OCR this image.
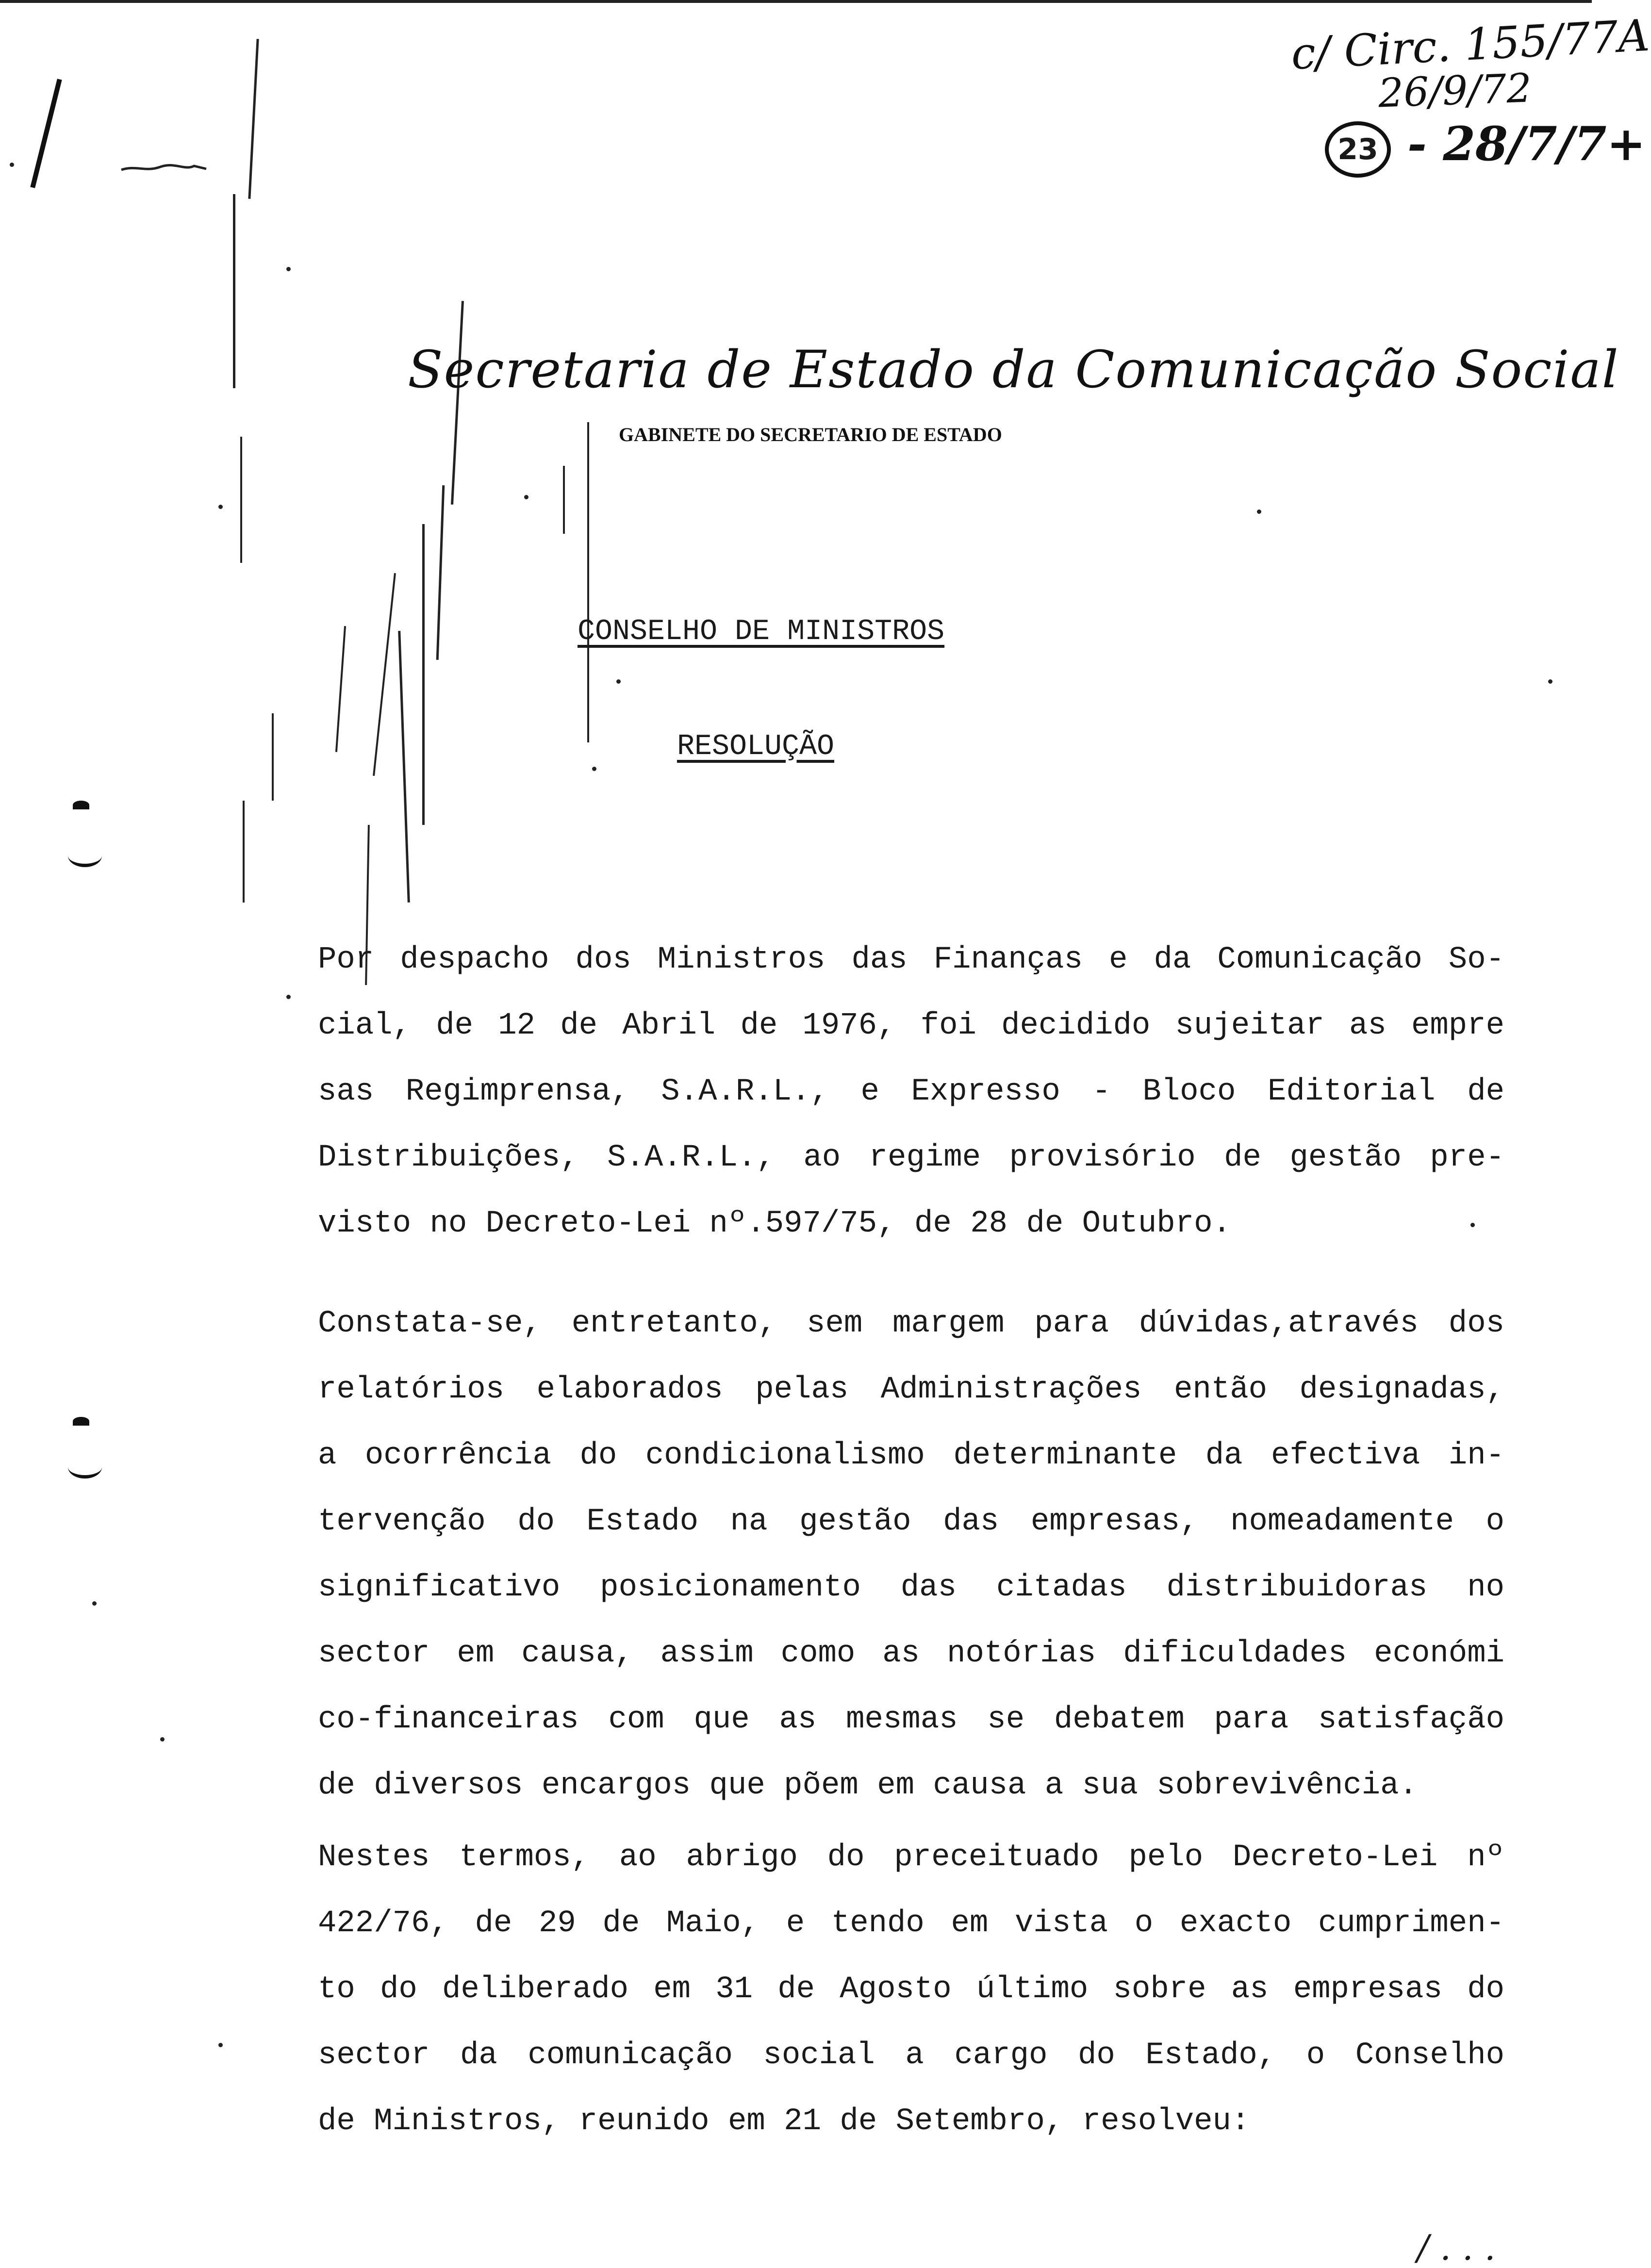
c/ Circ. 155/77A
26/9/72
23 - 28/7/7+
Secretaria de Estado da Comunicação Social
GABINETE DO SECRETARIO DE ESTADO
CONSELHO DE MINISTROS
RESOLUÇÃO
Por despacho dos Ministros das Finanças e da Comunicação So-
cial, de 12 de Abril de 1976, foi decidido sujeitar as empre
sas Regimprensa, S.A.R.L., e Expresso - Bloco Editorial de
Distribuições, S.A.R.L., ao regime provisório de gestão pre-
visto no Decreto-Lei nº.597/75, de 28 de Outubro.
Constata-se, entretanto, sem margem para dúvidas,através dos
relatórios elaborados pelas Administrações então designadas,
a ocorrência do condicionalismo determinante da efectiva in-
tervenção do Estado na gestão das empresas, nomeadamente o
significativo posicionamento das citadas distribuidoras no
sector em causa, assim como as notórias dificuldades económi
co-financeiras com que as mesmas se debatem para satisfação
de diversos encargos que põem em causa a sua sobrevivência.
Nestes termos, ao abrigo do preceituado pelo Decreto-Lei nº
422/76, de 29 de Maio, e tendo em vista o exacto cumprimen-
to do deliberado em 31 de Agosto último sobre as empresas do
sector da comunicação social a cargo do Estado, o Conselho
de Ministros, reunido em 21 de Setembro, resolveu:
/ . . .
